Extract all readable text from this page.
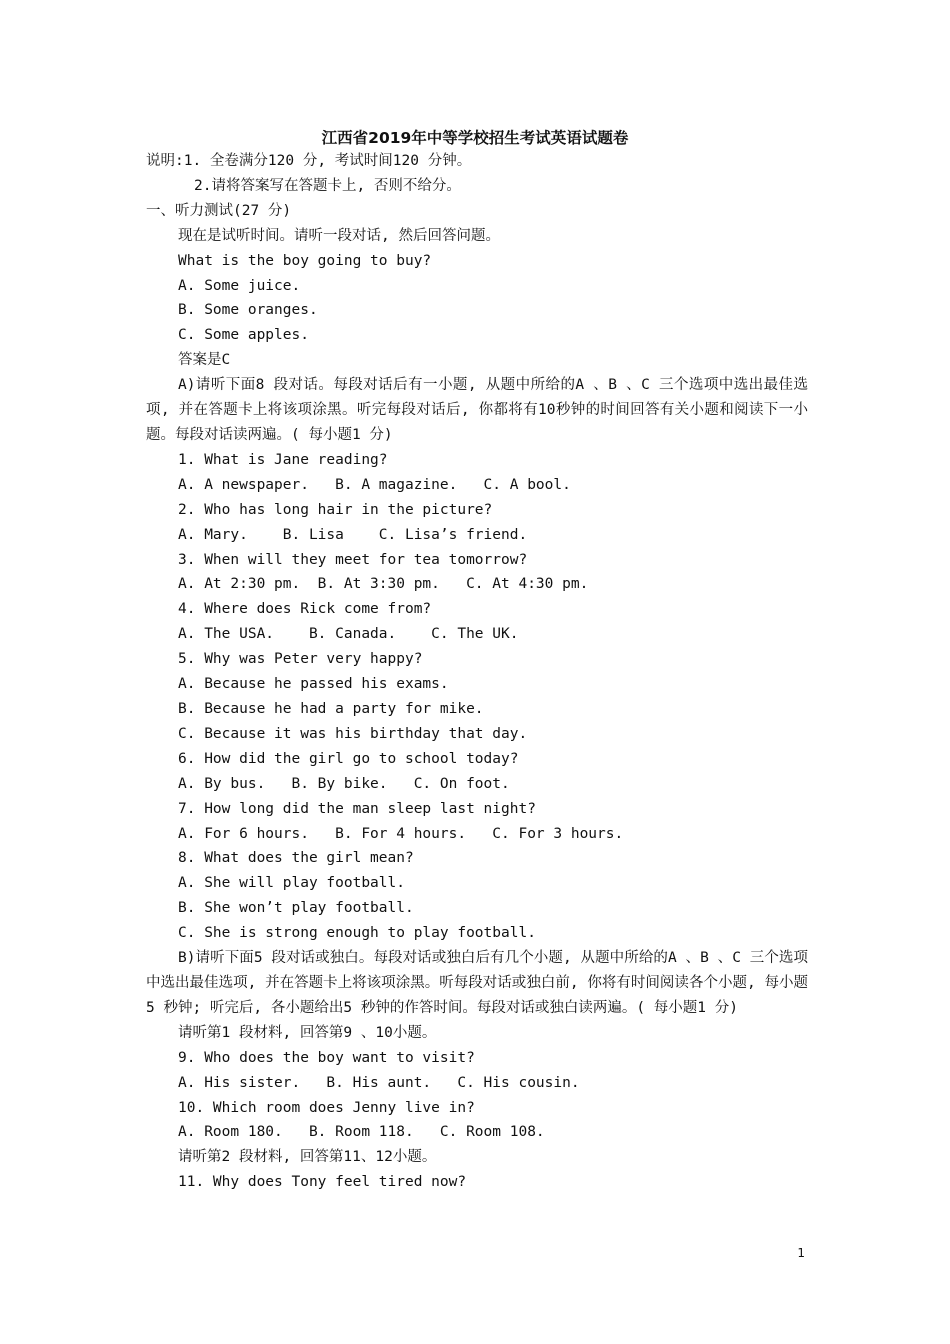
江西省2019年中等学校招生考试英语试题卷
说明:1. 全卷满分120 分, 考试时间120 分钟。
2.请将答案写在答题卡上, 否则不给分。
一、听力测试(27 分)
现在是试听时间。请听一段对话, 然后回答问题。
What is the boy going to buy?
A. Some juice.
B. Some oranges.
C. Some apples.
答案是C
A)请听下面8 段对话。每段对话后有一小题, 从题中所给的A 、B 、C 三个选项中选出最佳选项, 并在答题卡上将该项涂黑。听完每段对话后, 你都将有10秒钟的时间回答有关小题和阅读下一小题。每段对话读两遍。( 每小题1 分)
1. What is Jane reading?
A. A newspaper.   B. A magazine.   C. A bool.
2. Who has long hair in the picture?
A. Mary.    B. Lisa    C. Lisa’s friend.
3. When will they meet for tea tomorrow?
A. At 2:30 pm.  B. At 3:30 pm.   C. At 4:30 pm.
4. Where does Rick come from?
A. The USA.    B. Canada.    C. The UK.
5. Why was Peter very happy?
A. Because he passed his exams.
B. Because he had a party for mike.
C. Because it was his birthday that day.
6. How did the girl go to school today?
A. By bus.   B. By bike.   C. On foot.
7. How long did the man sleep last night?
A. For 6 hours.   B. For 4 hours.   C. For 3 hours.
8. What does the girl mean?
A. She will play football.
B. She won’t play football.
C. She is strong enough to play football.
B)请听下面5 段对话或独白。每段对话或独白后有几个小题, 从题中所给的A 、B 、C 三个选项中选出最佳选项, 并在答题卡上将该项涂黑。听每段对话或独白前, 你将有时间阅读各个小题, 每小题5 秒钟; 听完后, 各小题给出5 秒钟的作答时间。每段对话或独白读两遍。( 每小题1 分)
请听第1 段材料, 回答第9 、10小题。
9. Who does the boy want to visit?
A. His sister.   B. His aunt.   C. His cousin.
10. Which room does Jenny live in?
A. Room 180.   B. Room 118.   C. Room 108.
请听第2 段材料, 回答第11、12小题。
11. Why does Tony feel tired now?
1
